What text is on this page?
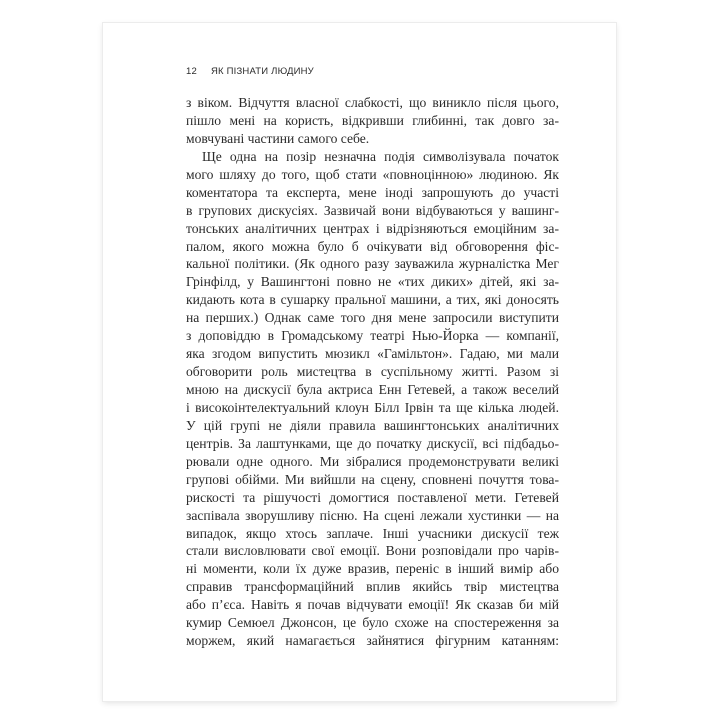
12 ЯК ПІЗНАТИ ЛЮДИНУ
з віком. Відчуття власної слабкості, що виникло після цього,
пішло мені на користь, відкривши глибинні, так довго за-
мовчувані частини самого себе.
Ще одна на позір незначна подія символізувала початок
мого шляху до того, щоб стати «повноцінною» людиною. Як
коментатора та експерта, мене іноді запрошують до участі
в групових дискусіях. Зазвичай вони відбуваються у вашинг-
тонських аналітичних центрах і відрізняються емоційним за-
палом, якого можна було б очікувати від обговорення фіс-
кальної політики. (Як одного разу зауважила журналістка Мег
Грінфілд, у Вашингтоні повно не «тих диких» дітей, які за-
кидають кота в сушарку пральної машини, а тих, які доносять
на перших.) Однак саме того дня мене запросили виступити
з доповіддю в Громадському театрі Нью-Йорка — компанії,
яка згодом випустить мюзикл «Гамільтон». Гадаю, ми мали
обговорити роль мистецтва в суспільному житті. Разом зі
мною на дискусії була актриса Енн Гетевей, а також веселий
і високоінтелектуальний клоун Білл Ірвін та ще кілька людей.
У цій групі не діяли правила вашингтонських аналітичних
центрів. За лаштунками, ще до початку дискусії, всі підбадьо-
рювали одне одного. Ми зібралися продемонструвати великі
групові обійми. Ми вийшли на сцену, сповнені почуття това-
рискості та рішучості домогтися поставленої мети. Гетевей
заспівала зворушливу пісню. На сцені лежали хустинки — на
випадок, якщо хтось заплаче. Інші учасники дискусії теж
стали висловлювати свої емоції. Вони розповідали про чарів-
ні моменти, коли їх дуже вразив, переніс в інший вимір або
справив трансформаційний вплив якийсь твір мистецтва
або п’єса. Навіть я почав відчувати емоції! Як сказав би мій
кумир Семюел Джонсон, це було схоже на спостереження за
моржем, який намагається зайнятися фігурним катанням:
